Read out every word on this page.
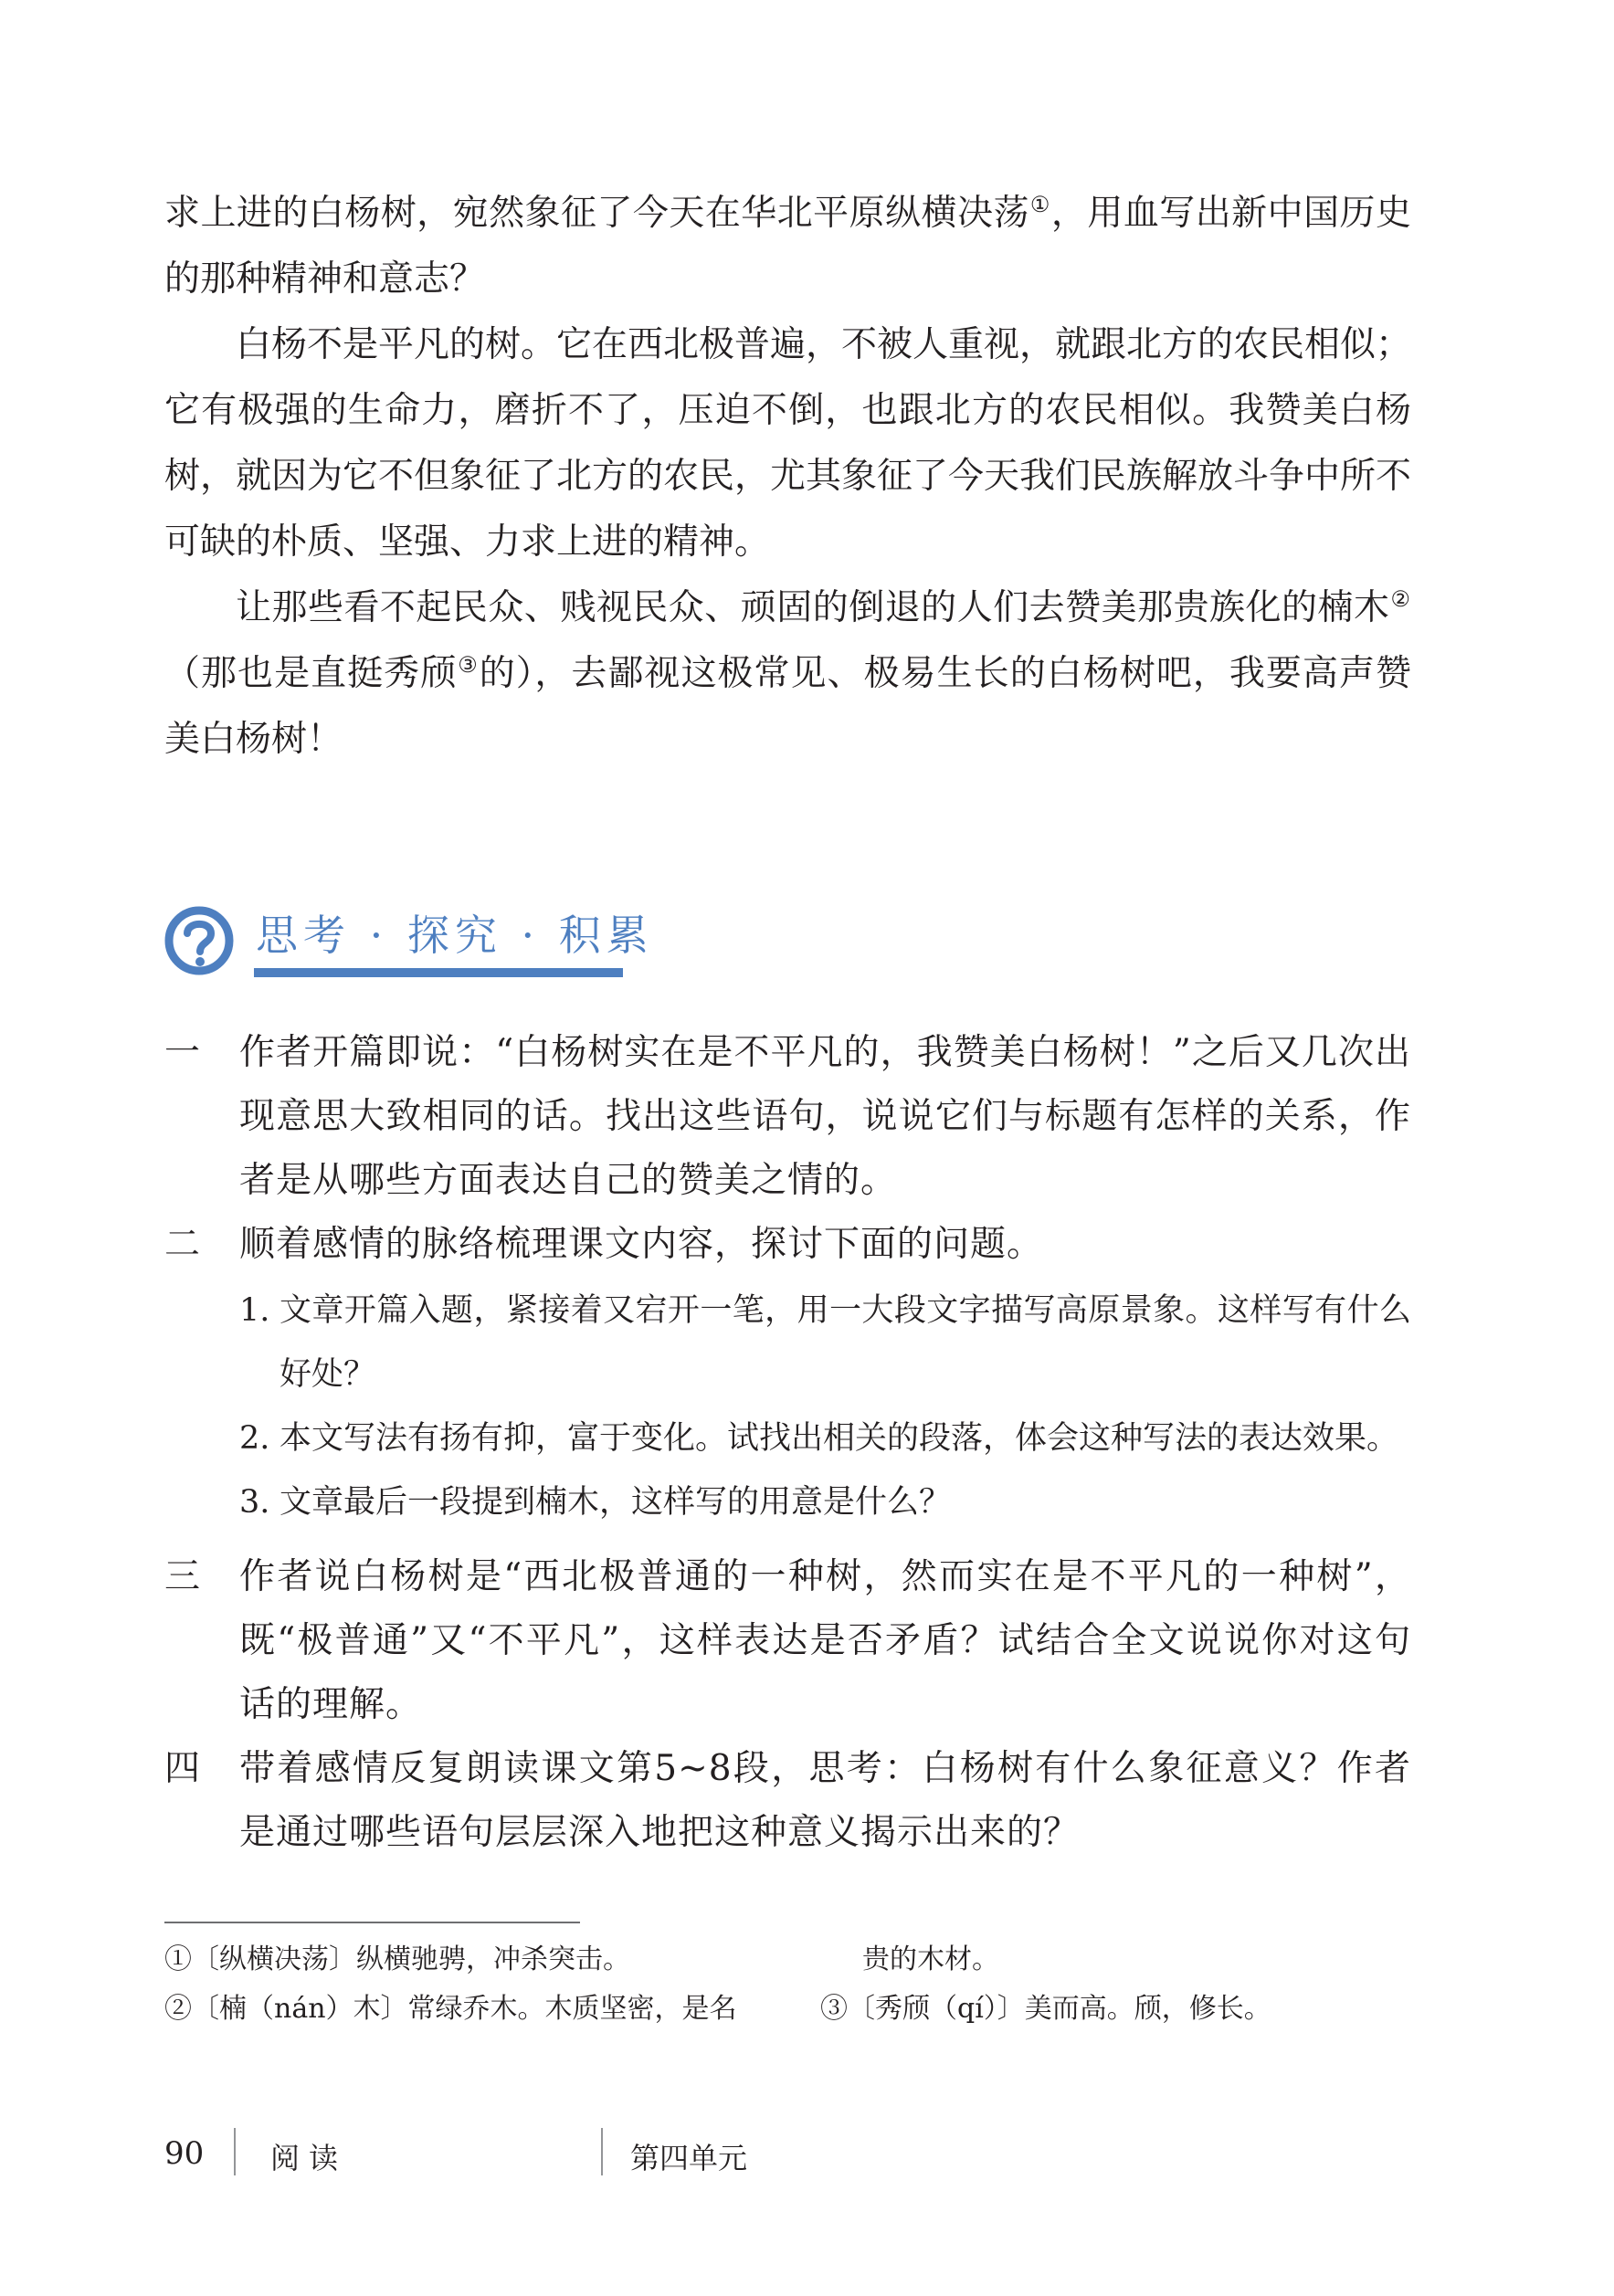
求上进的白杨树，宛然象征了今天在华北平原纵横决荡①，用血写出新中国历史的那种精神和意志？

白杨不是平凡的树。它在西北极普遍，不被人重视，就跟北方的农民相似；它有极强的生命力，磨折不了，压迫不倒，也跟北方的农民相似。我赞美白杨树，就因为它不但象征了北方的农民，尤其象征了今天我们民族解放斗争中所不可缺的朴质、坚强、力求上进的精神。

让那些看不起民众、贱视民众、顽固的倒退的人们去赞美那贵族化的楠木②（那也是直挺秀颀③的），去鄙视这极常见、极易生长的白杨树吧，我要高声赞美白杨树！

思考 · 探究 · 积累
一 作者开篇即说：“白杨树实在是不平凡的，我赞美白杨树！”之后又几次出现意思大致相同的话。找出这些语句，说说它们与标题有怎样的关系，作者是从哪些方面表达自己的赞美之情的。

二 顺着感情的脉络梳理课文内容，探讨下面的问题。

1. 文章开篇入题，紧接着又宕开一笔，用一大段文字描写高原景象。这样写有什么好处？
2. 本文写法有扬有抑，富于变化。试找出相关的段落，体会这种写法的表达效果。
3. 文章最后一段提到楠木，这样写的用意是什么？
三 作者说白杨树是“西北极普通的一种树，然而实在是不平凡的一种树”，既“极普通”又“不平凡”，这样表达是否矛盾？试结合全文说说你对这句话的理解。

四 带着感情反复朗读课文第5~8段，思考：白杨树有什么象征意义？作者是通过哪些语句层层深入地把这种意义揭示出来的？

①〔纵横决荡〕纵横驰骋，冲杀突击。
②〔楠（nán）木〕常绿乔木。木质坚密，是名
贵的木材。
③〔秀颀（qí）〕美而高。颀，修长。
90 阅读	第四单元
